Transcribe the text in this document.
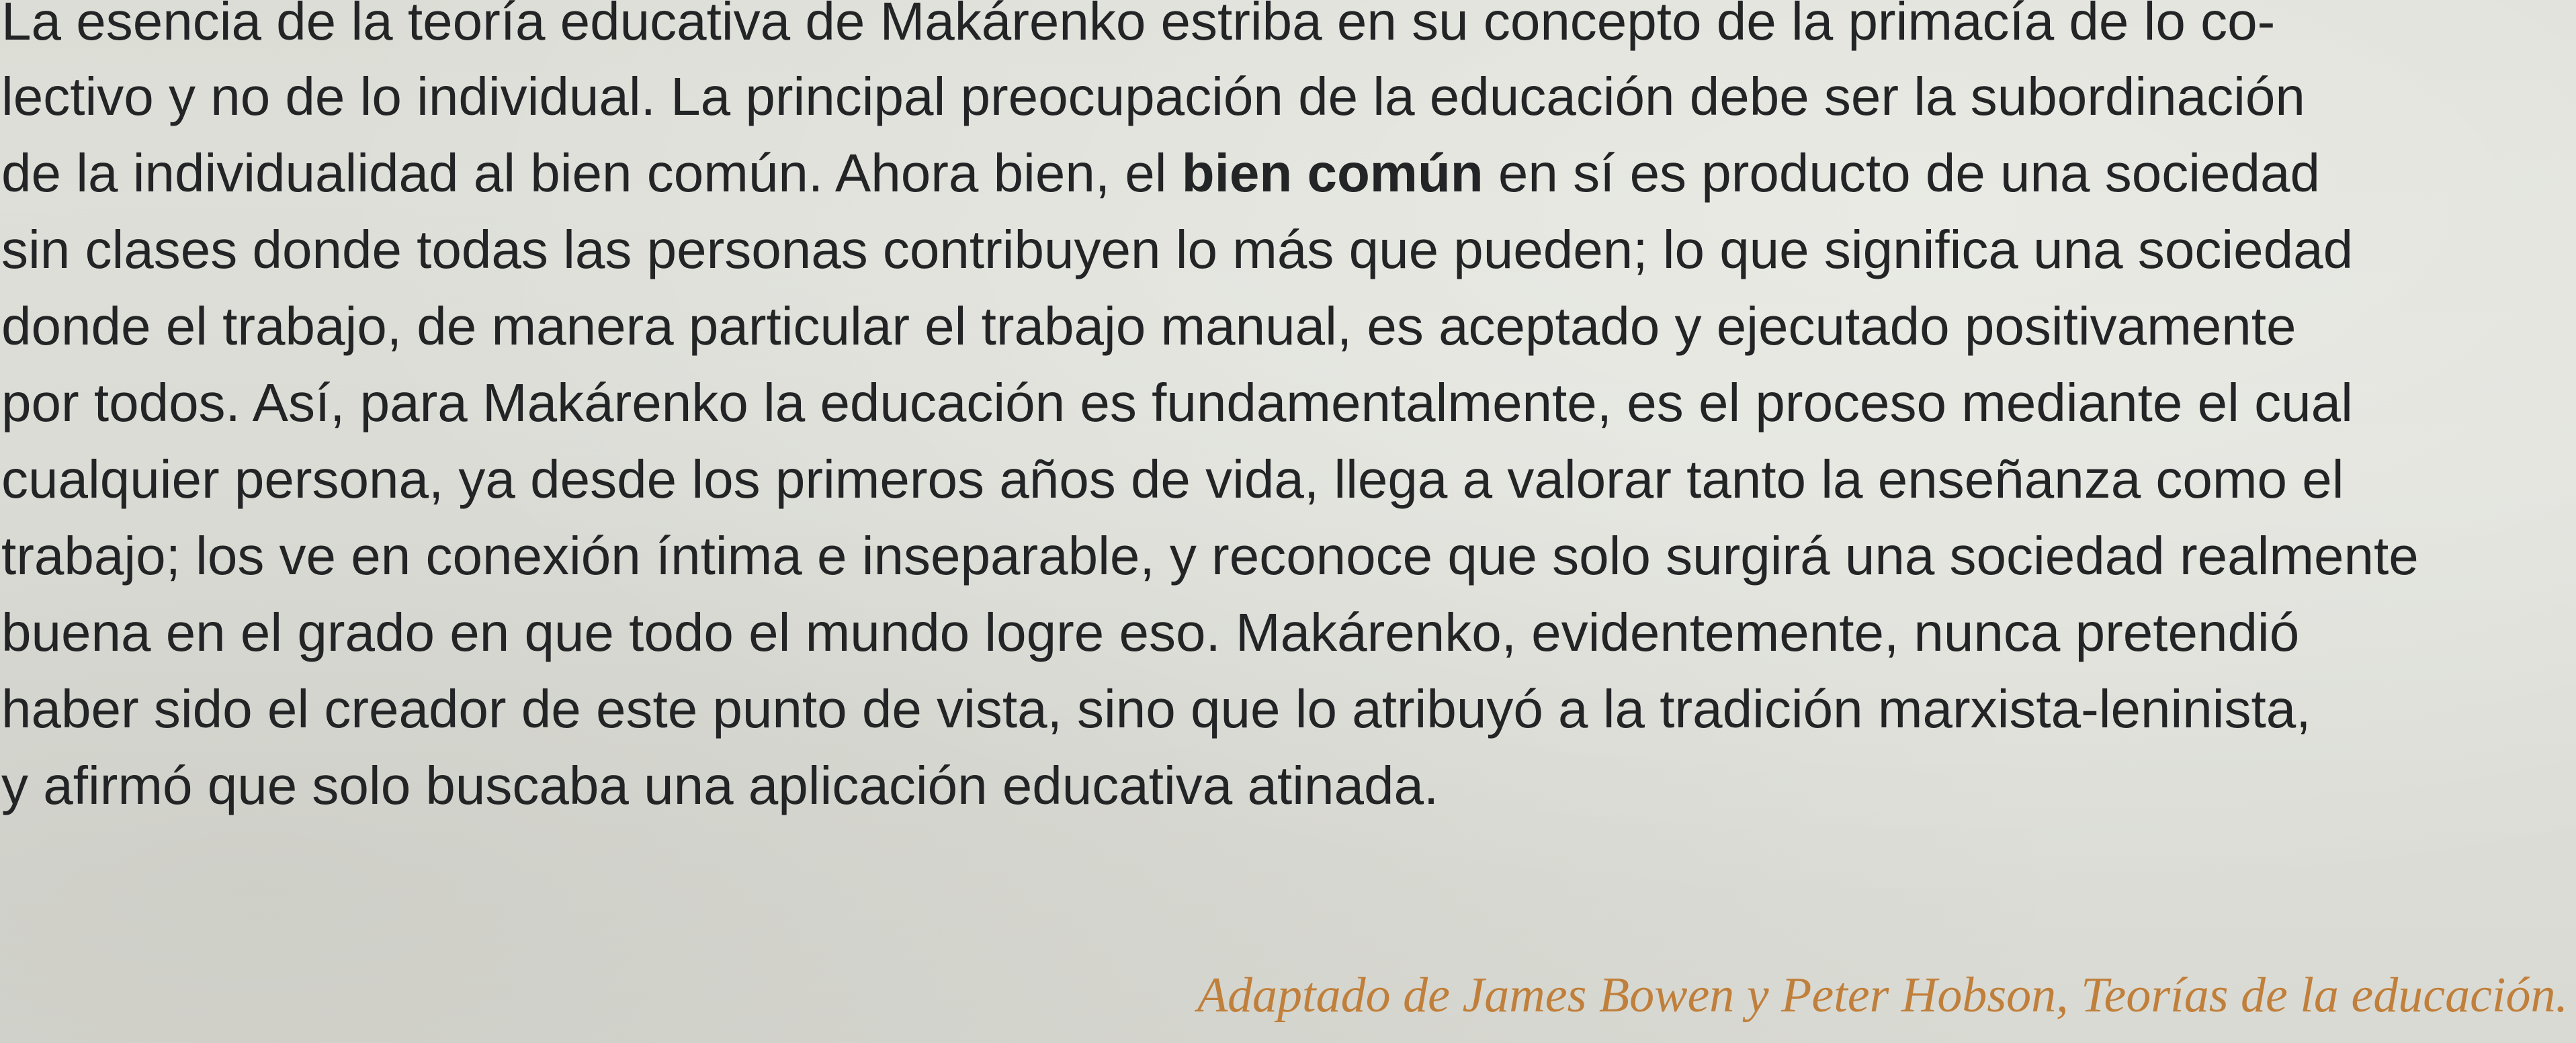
La esencia de la teoría educativa de Makárenko estriba en su concepto de la primacía de lo co-
lectivo y no de lo individual. La principal preocupación de la educación debe ser la subordinación
de la individualidad al bien común. Ahora bien, el bien común en sí es producto de una sociedad
sin clases donde todas las personas contribuyen lo más que pueden; lo que significa una sociedad
donde el trabajo, de manera particular el trabajo manual, es aceptado y ejecutado positivamente
por todos. Así, para Makárenko la educación es fundamentalmente, es el proceso mediante el cual
cualquier persona, ya desde los primeros años de vida, llega a valorar tanto la enseñanza como el
trabajo; los ve en conexión íntima e inseparable, y reconoce que solo surgirá una sociedad realmente
buena en el grado en que todo el mundo logre eso. Makárenko, evidentemente, nunca pretendió
haber sido el creador de este punto de vista, sino que lo atribuyó a la tradición marxista-leninista,
y afirmó que solo buscaba una aplicación educativa atinada.
Adaptado de James Bowen y Peter Hobson, Teorías de la educación.
